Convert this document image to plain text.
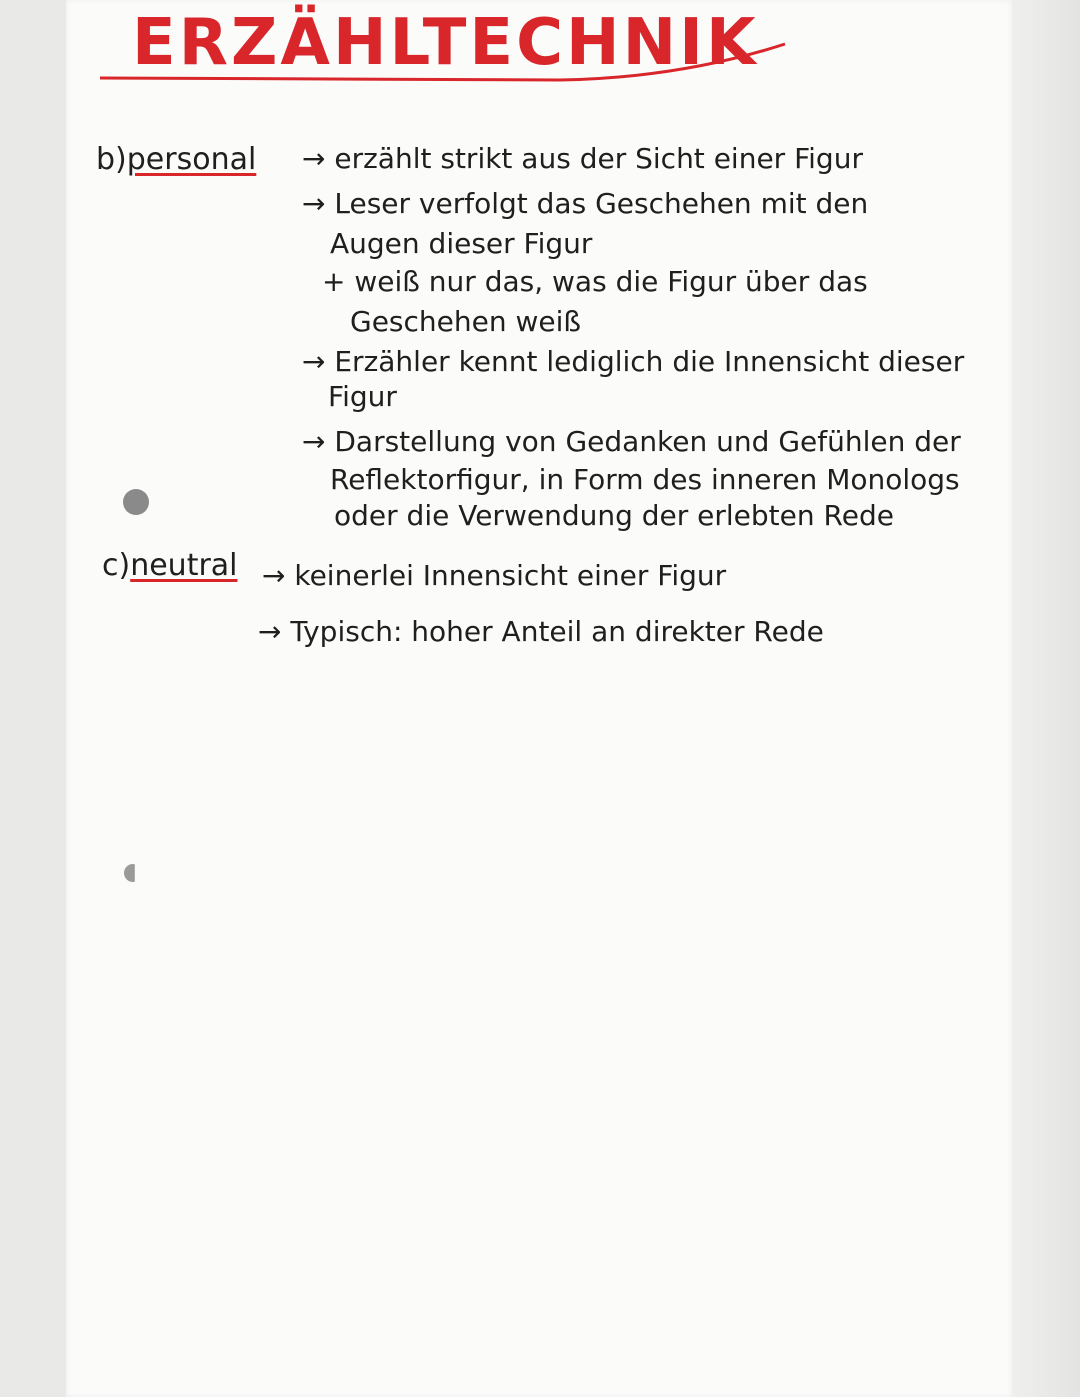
ERZÄHLTECHNIK
b)personal → erzählt strikt aus der Sicht einer Figur
→ Leser verfolgt das Geschehen mit den
Augen dieser Figur
+ weiß nur das, was die Figur über das
Geschehen weiß
→ Erzähler kennt lediglich die Innensicht dieser
Figur
→ Darstellung von Gedanken und Gefühlen der
Reflektorfigur, in Form des inneren Monologs
oder die Verwendung der erlebten Rede
c)neutral → keinerlei Innensicht einer Figur
→ Typisch: hoher Anteil an direkter Rede
